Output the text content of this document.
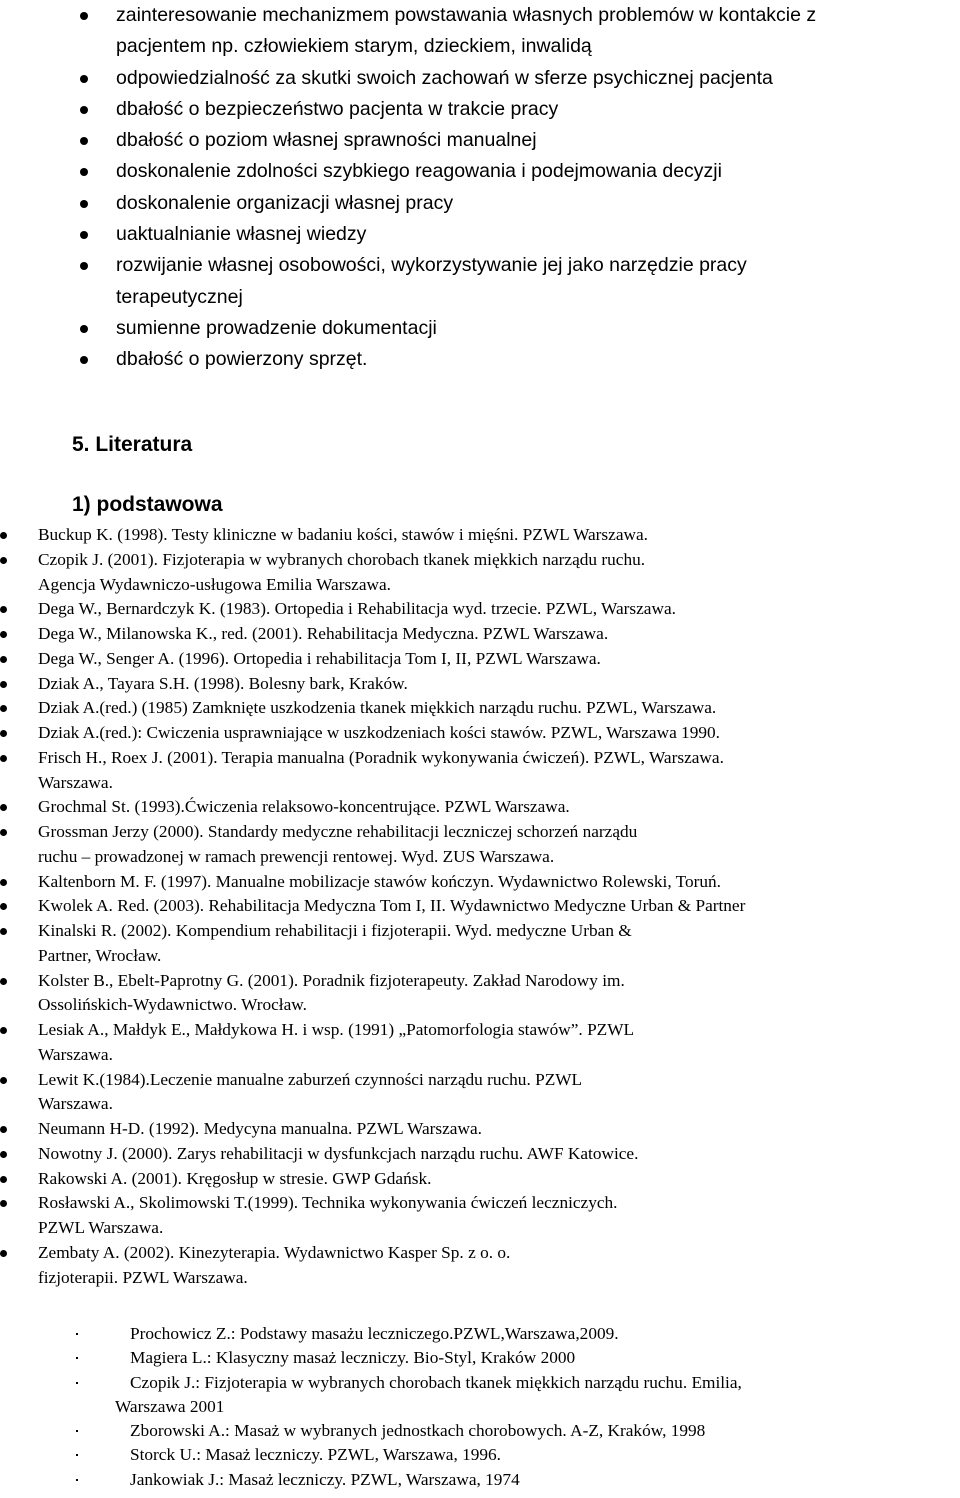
zainteresowanie mechanizmem powstawania własnych problemów w kontakcie z
pacjentem np. człowiekiem starym, dzieckiem, inwalidą
odpowiedzialność za skutki swoich zachowań w sferze psychicznej pacjenta
dbałość o bezpieczeństwo pacjenta w trakcie pracy
dbałość o poziom własnej sprawności manualnej
doskonalenie zdolności szybkiego reagowania i podejmowania decyzji
doskonalenie organizacji własnej pracy
uaktualnianie własnej wiedzy
rozwijanie własnej osobowości, wykorzystywanie jej jako narzędzie pracy
terapeutycznej
sumienne prowadzenie dokumentacji
dbałość o powierzony sprzęt.
5. Literatura
1) podstawowa
Buckup K. (1998). Testy kliniczne w badaniu kości, stawów i mięśni. PZWL Warszawa.
Czopik J. (2001). Fizjoterapia w wybranych chorobach tkanek miękkich narządu ruchu.
Agencja Wydawniczo-usługowa Emilia Warszawa.
Dega W., Bernardczyk K. (1983). Ortopedia i Rehabilitacja wyd. trzecie. PZWL, Warszawa.
Dega W., Milanowska K., red. (2001). Rehabilitacja Medyczna. PZWL Warszawa.
Dega W., Senger A. (1996). Ortopedia i rehabilitacja Tom I, II, PZWL Warszawa.
Dziak A., Tayara S.H. (1998). Bolesny bark, Kraków.
Dziak A.(red.) (1985) Zamknięte uszkodzenia tkanek miękkich narządu ruchu. PZWL, Warszawa.
Dziak A.(red.): Cwiczenia usprawniające w uszkodzeniach kości stawów. PZWL, Warszawa 1990.
Frisch H., Roex J. (2001). Terapia manualna (Poradnik wykonywania ćwiczeń). PZWL, Warszawa.
Warszawa.
Grochmal St. (1993).Ćwiczenia relaksowo-koncentrujące. PZWL Warszawa.
Grossman Jerzy (2000). Standardy medyczne rehabilitacji leczniczej schorzeń narządu
ruchu – prowadzonej w ramach prewencji rentowej. Wyd. ZUS Warszawa.
Kaltenborn M. F. (1997). Manualne mobilizacje stawów kończyn. Wydawnictwo Rolewski, Toruń.
Kwolek A. Red. (2003). Rehabilitacja Medyczna Tom I, II. Wydawnictwo Medyczne Urban & Partner
Kinalski R. (2002). Kompendium rehabilitacji i fizjoterapii. Wyd. medyczne Urban &
Partner, Wrocław.
Kolster B., Ebelt-Paprotny G. (2001). Poradnik fizjoterapeuty. Zakład Narodowy im.
Ossolińskich-Wydawnictwo. Wrocław.
Lesiak A., Małdyk E., Małdykowa H. i wsp. (1991) „Patomorfologia stawów”. PZWL
Warszawa.
Lewit K.(1984).Leczenie manualne zaburzeń czynności narządu ruchu. PZWL
Warszawa.
Neumann H-D. (1992). Medycyna manualna. PZWL Warszawa.
Nowotny J. (2000). Zarys rehabilitacji w dysfunkcjach narządu ruchu. AWF Katowice.
Rakowski A. (2001). Kręgosłup w stresie. GWP Gdańsk.
Rosławski A., Skolimowski T.(1999). Technika wykonywania ćwiczeń leczniczych.
PZWL Warszawa.
Zembaty A. (2002). Kinezyterapia. Wydawnictwo Kasper Sp. z o. o.
fizjoterapii. PZWL Warszawa.
Prochowicz Z.: Podstawy masażu leczniczego.PZWL,Warszawa,2009.
Magiera L.: Klasyczny masaż leczniczy. Bio-Styl, Kraków 2000
Czopik J.: Fizjoterapia w wybranych chorobach tkanek miękkich narządu ruchu. Emilia,
Warszawa 2001
Zborowski A.: Masaż w wybranych jednostkach chorobowych. A-Z, Kraków, 1998
Storck U.: Masaż leczniczy. PZWL, Warszawa, 1996.
Jankowiak J.: Masaż leczniczy. PZWL, Warszawa, 1974
